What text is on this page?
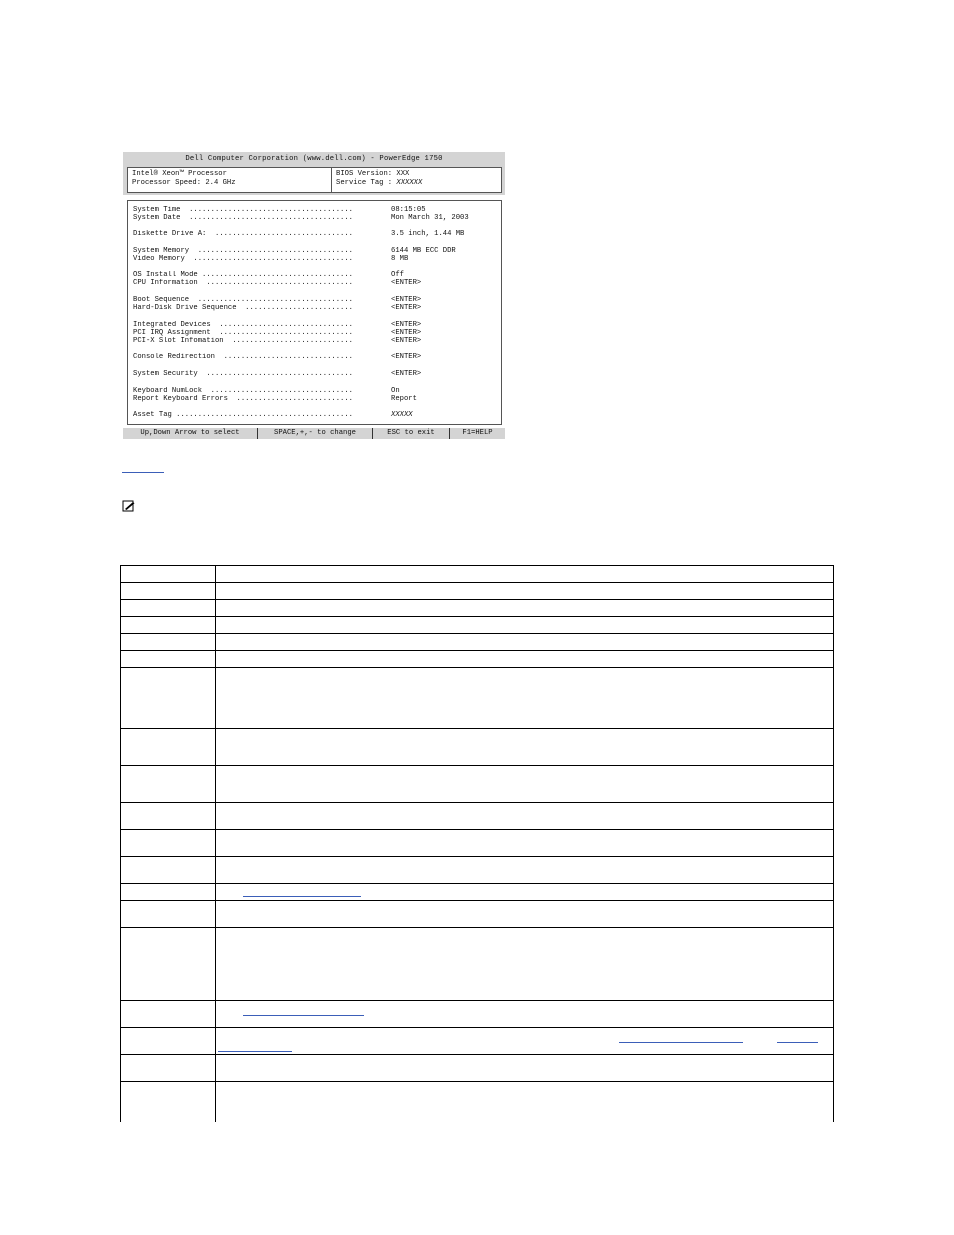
Dell Computer Corporation (www.dell.com) - PowerEdge 1750
Intel® Xeon™ Processor
Processor Speed: 2.4 GHz
BIOS Version: XXX
Service Tag : XXXXXX
System Time  ......................................	08:15:05
System Date  ......................................	Mon March 31, 2003
Diskette Drive A:  ................................	3.5 inch, 1.44 MB
System Memory  ....................................	6144 MB ECC DDR
Video Memory  .....................................	8 MB
OS Install Mode ...................................	Off
CPU Information  ..................................	<ENTER>
Boot Sequence  ....................................	<ENTER>
Hard-Disk Drive Sequence  .........................	<ENTER>
Integrated Devices  ...............................	<ENTER>
PCI IRQ Assignment  ...............................	<ENTER>
PCI-X Slot Infomation  ............................	<ENTER>
Console Redirection  ..............................	<ENTER>
System Security  ..................................	<ENTER>
Keyboard NumLock  .................................	On
Report Keyboard Errors  ...........................	Report
Asset Tag .........................................	XXXXX
Up,Down Arrow to select	SPACE,+,- to change	ESC to exit	F1=HELP
